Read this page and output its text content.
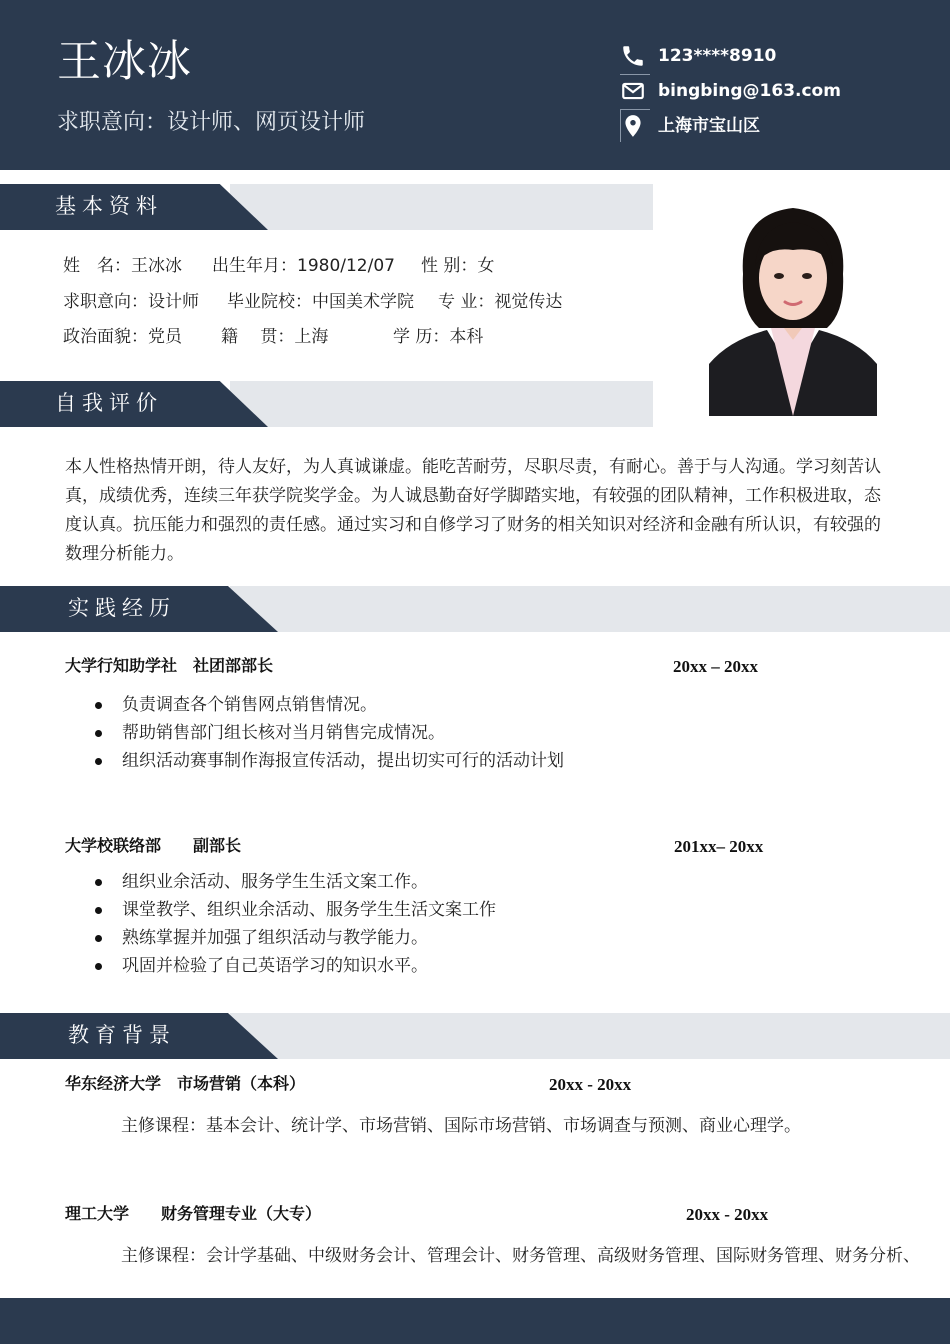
王冰冰
求职意向：设计师、网页设计师
123****8910
bingbing@163.com
上海市宝山区
基本资料
姓　名：王冰冰 出生年月：1980/12/07 性 别：女
求职意向：设计师 毕业院校：中国美术学院 专 业：视觉传达
政治面貌：党员 籍　 贯：上海	学 历：本科
自我评价

本人性格热情开朗，待人友好，为人真诚谦虚。能吃苦耐劳，尽职尽责，有耐心。善于与人沟通。学习刻苦认真，成绩优秀，连续三年获学院奖学金。为人诚恳勤奋好学脚踏实地，有较强的团队精神，工作积极进取，态度认真。抗压能力和强烈的责任感。通过实习和自修学习了财务的相关知识对经济和金融有所认识，有较强的数理分析能力。

实践经历
大学行知助学社　社团部部长	20xx – 20xx
负责调查各个销售网点销售情况。
帮助销售部门组长核对当月销售完成情况。
组织活动赛事制作海报宣传活动，提出切实可行的活动计划
大学校联络部　　副部长	201xx– 20xx
组织业余活动、服务学生生活文案工作。
课堂教学、组织业余活动、服务学生生活文案工作
熟练掌握并加强了组织活动与教学能力。
巩固并检验了自己英语学习的知识水平。
教育背景
华东经济大学　市场营销（本科）	20xx - 20xx
主修课程：基本会计、统计学、市场营销、国际市场营销、市场调查与预测、商业心理学。
理工大学　　财务管理专业（大专）	20xx - 20xx
主修课程：会计学基础、中级财务会计、管理会计、财务管理、高级财务管理、国际财务管理、财务分析、
